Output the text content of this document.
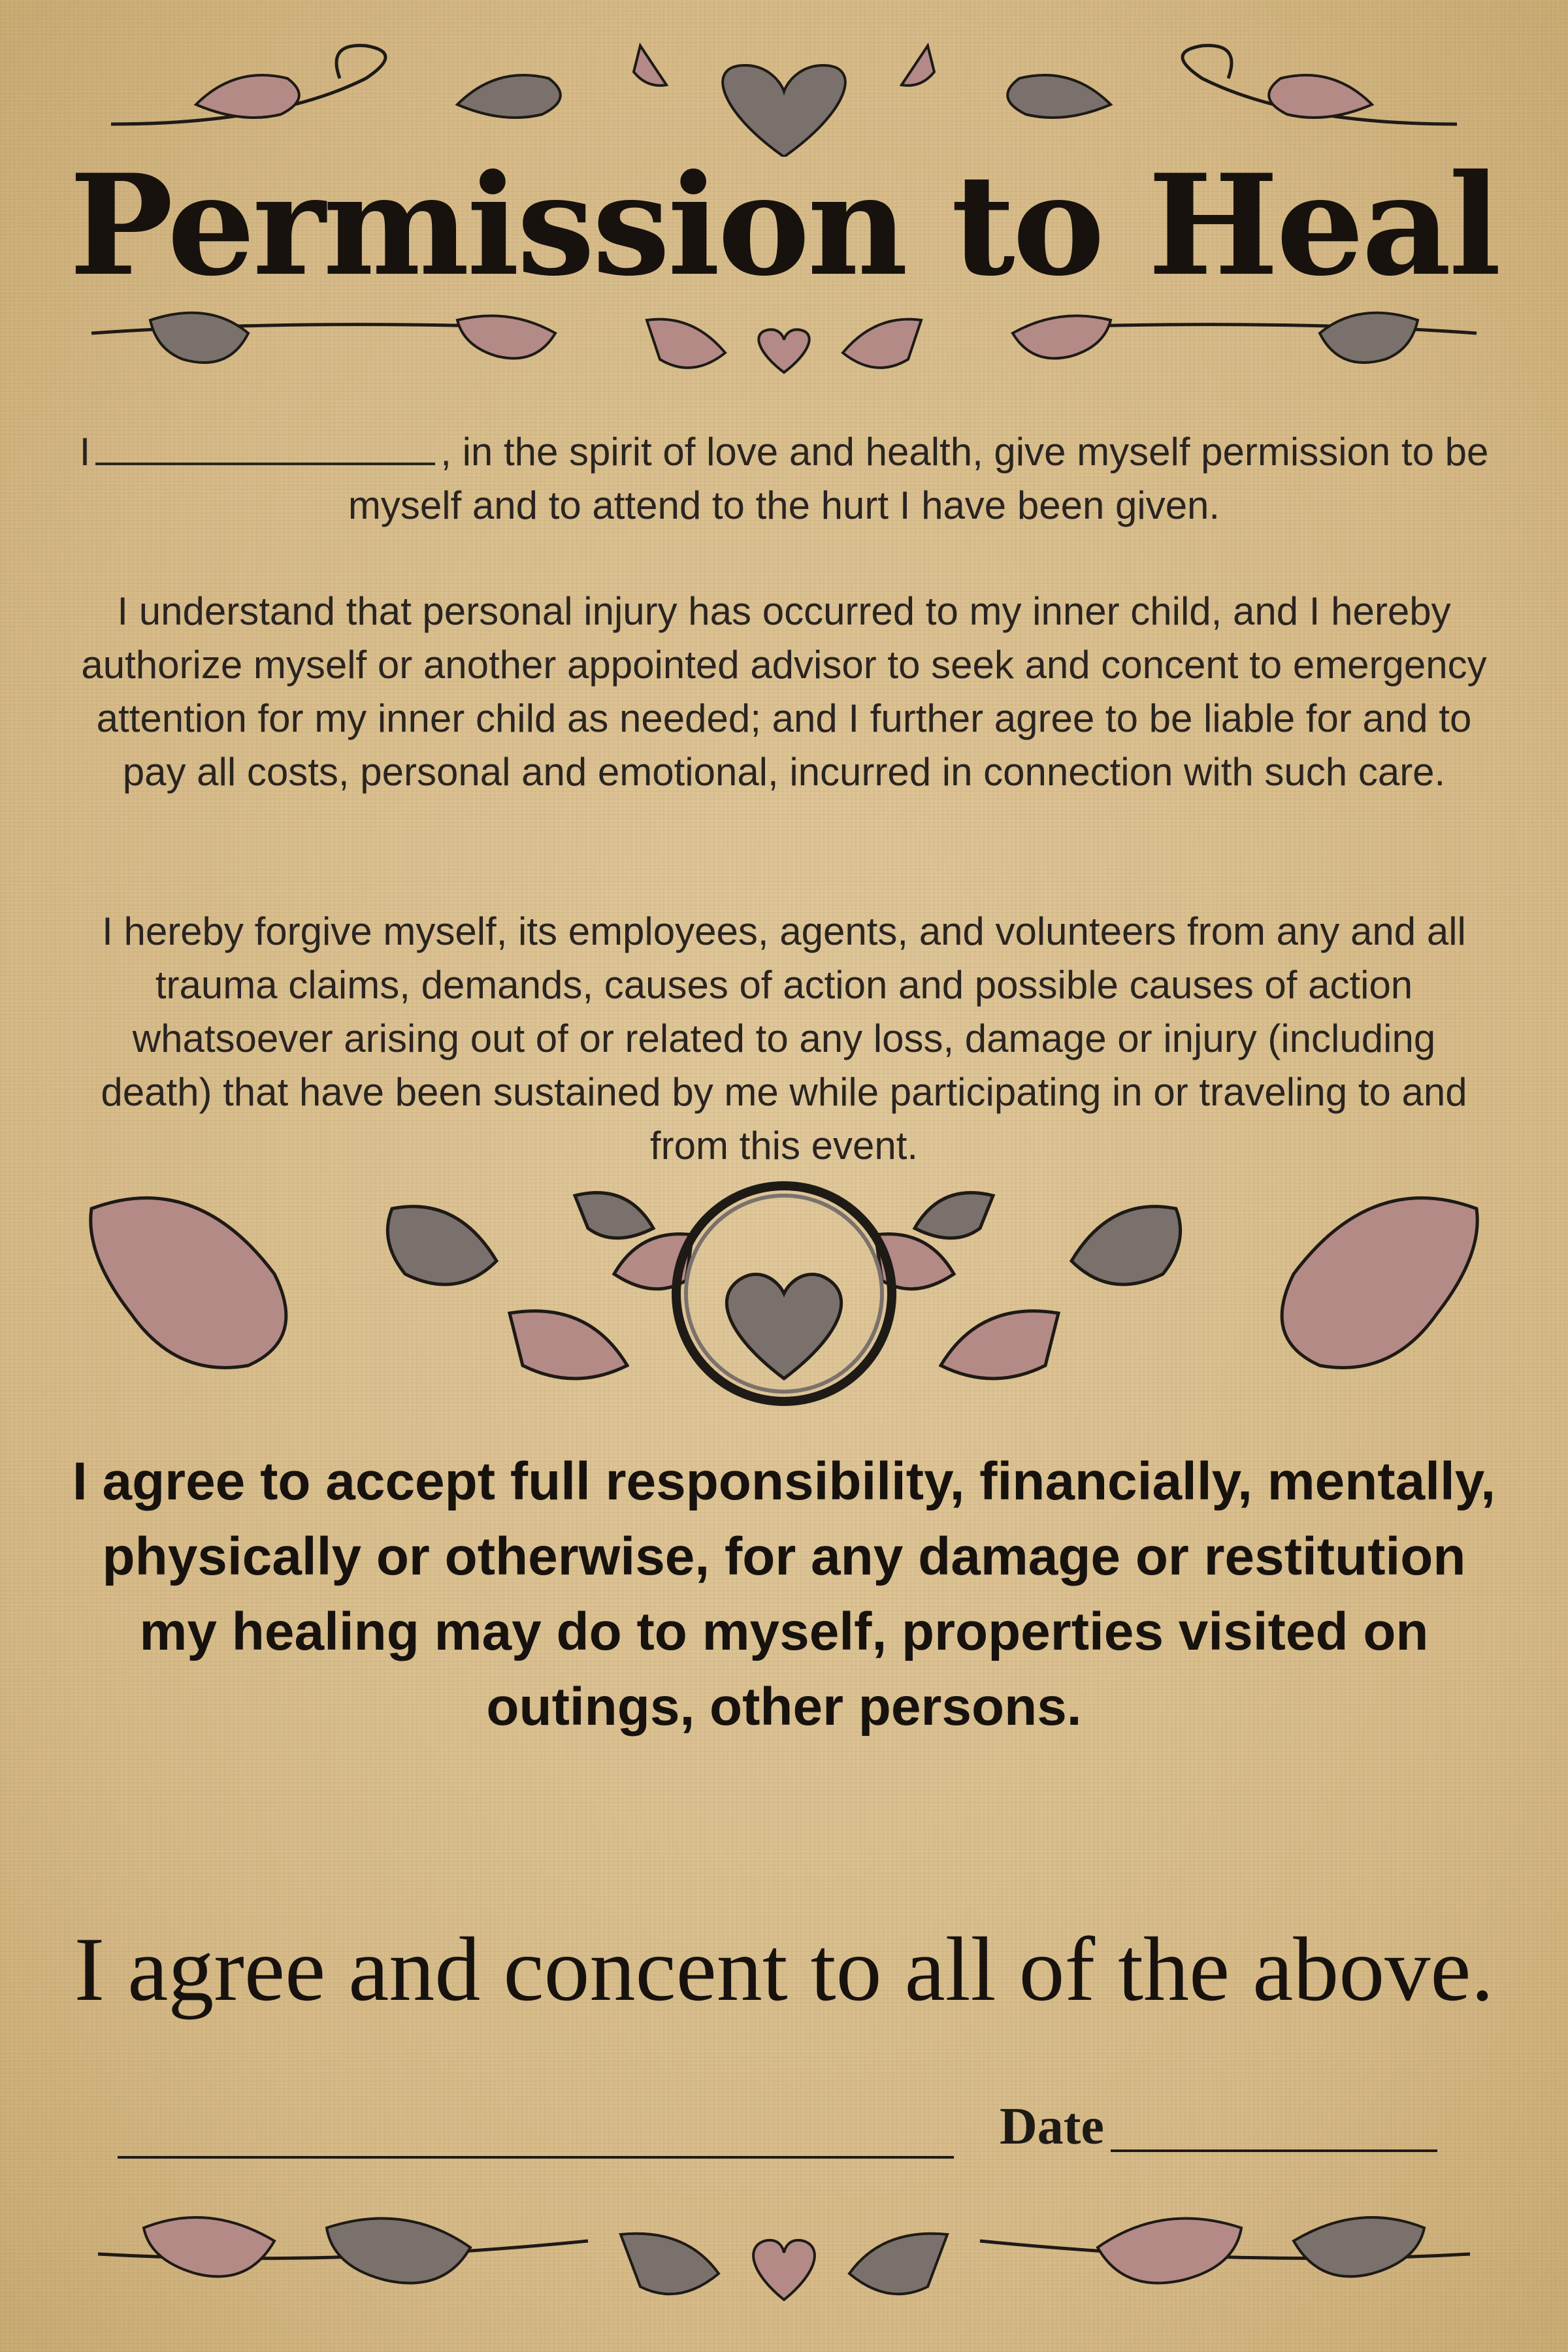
Permission to Heal

I	, in the spirit of love and health, give myself permission to be myself and to attend to the hurt I have been given.

I understand that personal injury has occurred to my inner child, and I hereby authorize myself or another appointed advisor to seek and concent to emergency attention for my inner child as needed; and I further agree to be liable for and to pay all costs, personal and emotional, incurred in connection with such care.

I hereby forgive myself, its employees, agents, and volunteers from any and all trauma claims, demands, causes of action and possible causes of action whatsoever arising out of or related to any loss, damage or injury (including death) that have been sustained by me while participating in or traveling to and from this event.

I agree to accept full responsibility, financially, mentally, physically or otherwise, for any damage or restitution my healing may do to myself, properties visited on outings, other persons.

I agree and concent to all of the above.

Date
